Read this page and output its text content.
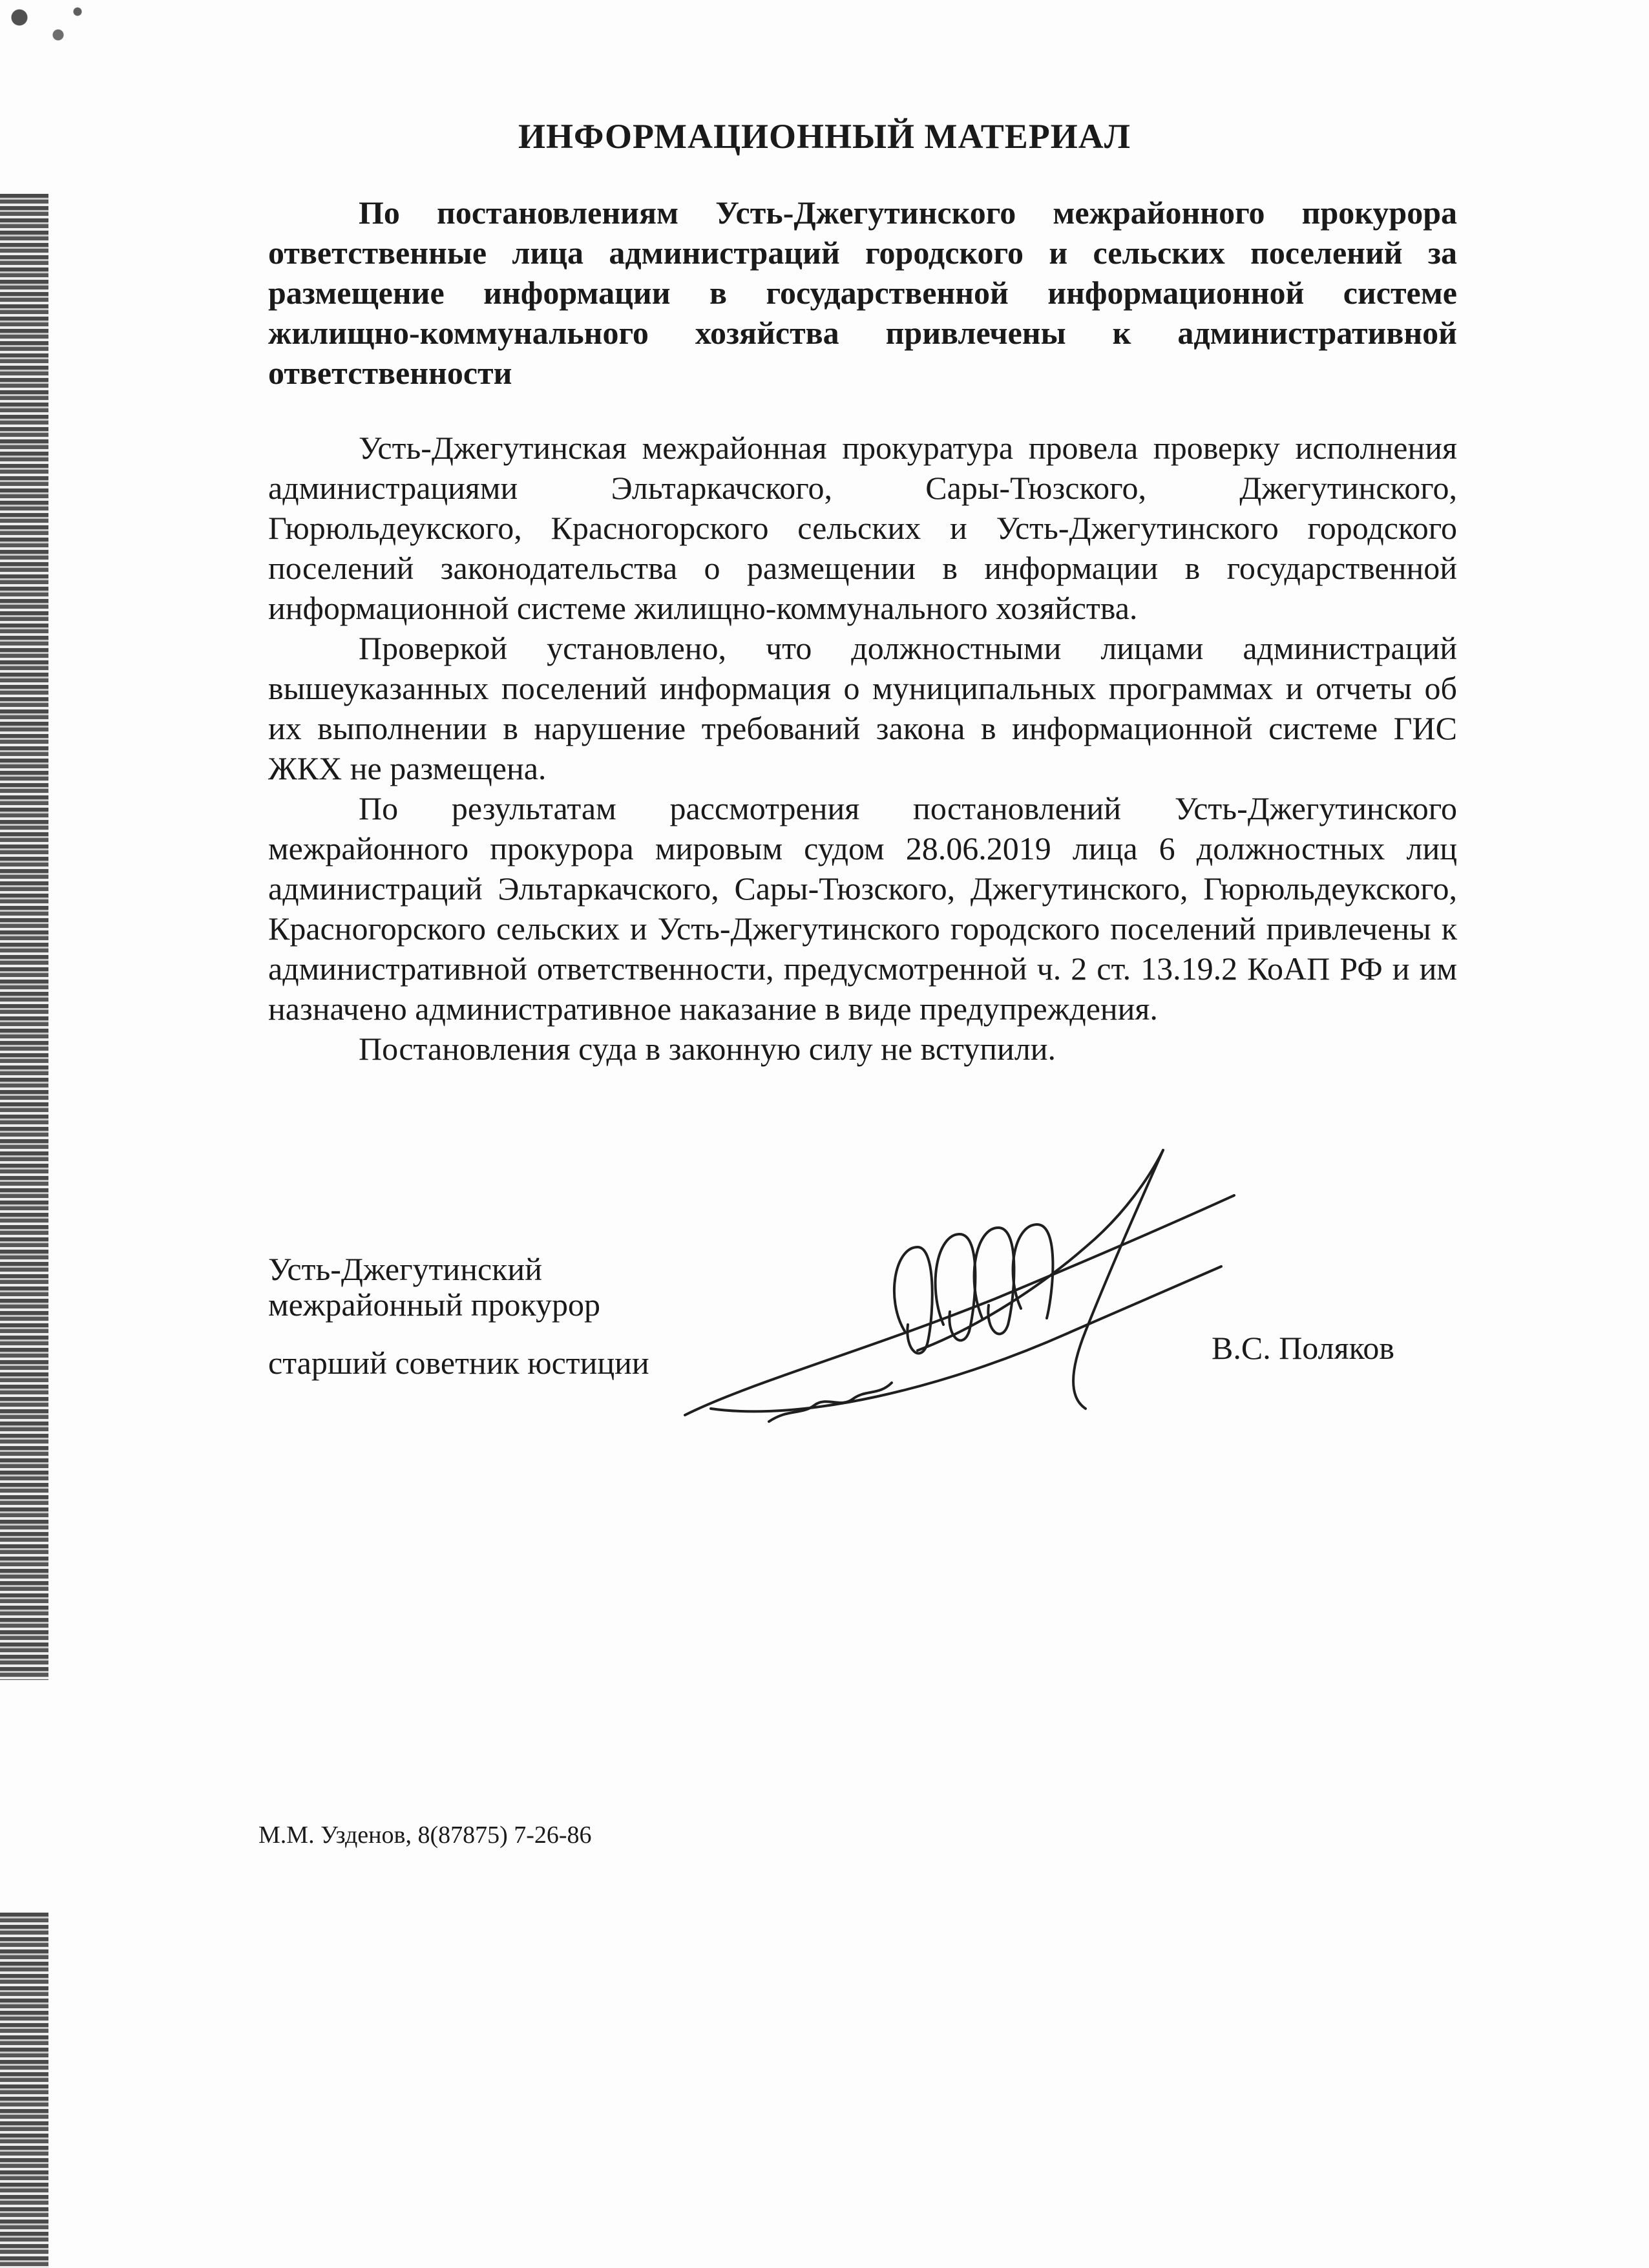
ИНФОРМАЦИОННЫЙ МАТЕРИАЛ
По постановлениям Усть-Джегутинского межрайонного прокурора ответственные лица администраций городского и сельских поселений за размещение информации в государственной информационной системе жилищно-коммунального хозяйства привлечены к административной ответственности

Усть-Джегутинская межрайонная прокуратура провела проверку исполнения администрациями Эльтаркачского, Сары-Тюзского, Джегутинского, Гюрюльдеукского, Красногорского сельских и Усть-Джегутинского городского поселений законодательства о размещении в информации в государственной информационной системе жилищно-коммунального хозяйства.

Проверкой установлено, что должностными лицами администраций вышеуказанных поселений информация о муниципальных программах и отчеты об их выполнении в нарушение требований закона в информационной системе ГИС ЖКХ не размещена.

По результатам рассмотрения постановлений Усть-Джегутинского межрайонного прокурора мировым судом 28.06.2019 лица 6 должностных лиц администраций Эльтаркачского, Сары-Тюзского, Джегутинского, Гюрюльдеукского, Красногорского сельских и Усть-Джегутинского городского поселений привлечены к административной ответственности, предусмотренной ч. 2 ст. 13.19.2 КоАП РФ и им назначено административное наказание в виде предупреждения.

Постановления суда в законную силу не вступили.

Усть-Джегутинский
межрайонный прокурор
старший советник юстиции	В.С. Поляков
М.М. Узденов, 8(87875) 7-26-86
